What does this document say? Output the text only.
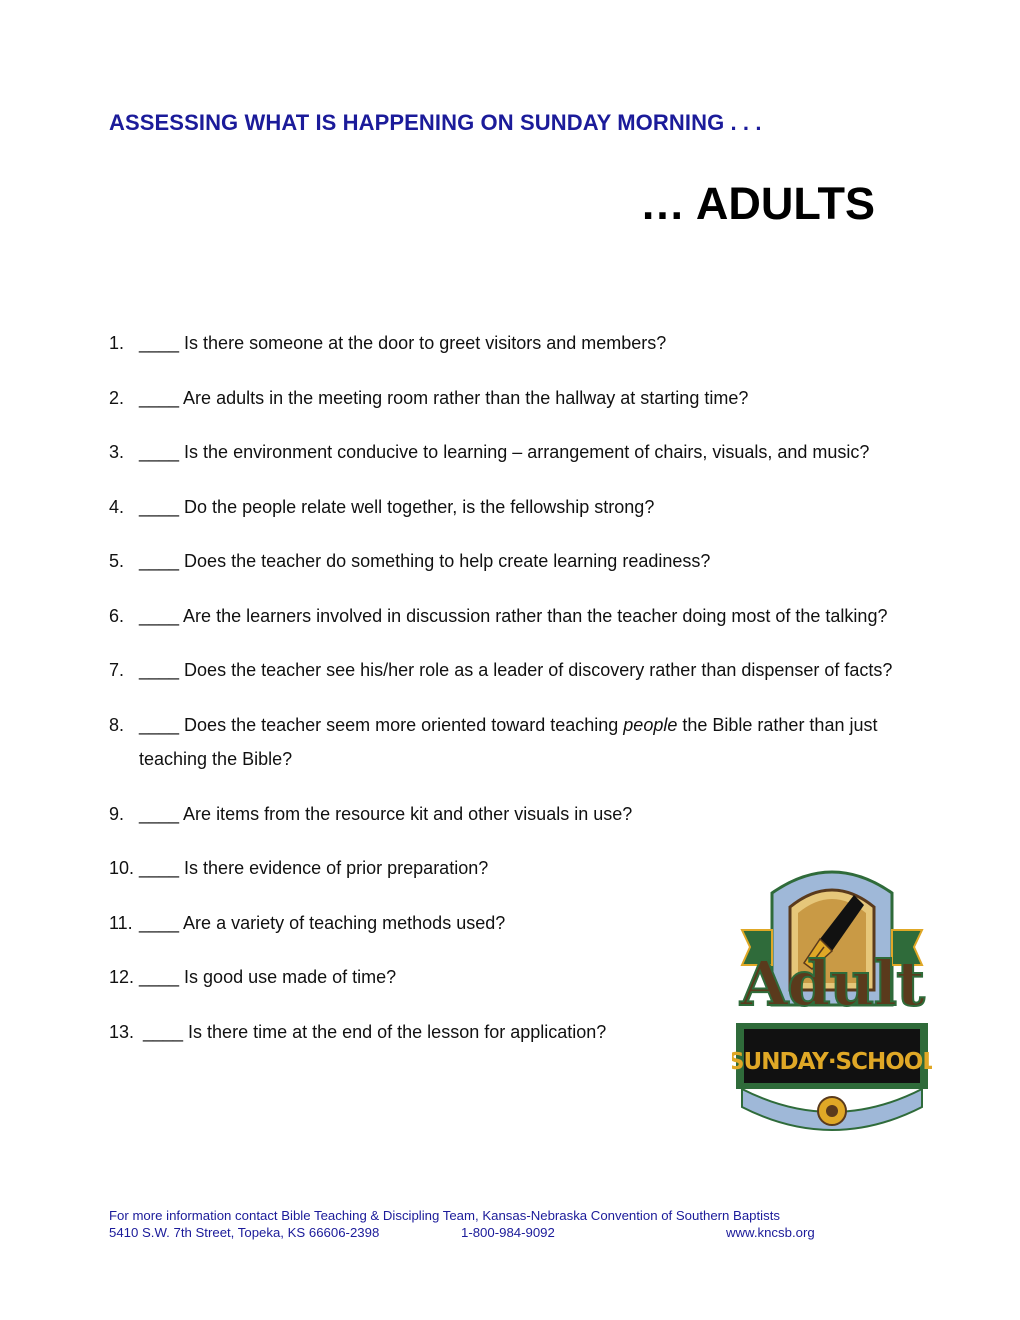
ASSESSING WHAT IS HAPPENING ON SUNDAY MORNING . . .
… ADULTS
1. ____ Is there someone at the door to greet visitors and members?
2. ____ Are adults in the meeting room rather than the hallway at starting time?
3. ____ Is the environment conducive to learning – arrangement of chairs, visuals, and music?
4. ____ Do the people relate well together, is the fellowship strong?
5. ____ Does the teacher do something to help create learning readiness?
6. ____ Are the learners involved in discussion rather than the teacher doing most of the talking?
7. ____ Does the teacher see his/her role as a leader of discovery rather than dispenser of facts?
8. ____ Does the teacher seem more oriented toward teaching people the Bible rather than just teaching the Bible?
9. ____ Are items from the resource kit and other visuals in use?
10. ____ Is there evidence of prior preparation?
11. ____ Are a variety of teaching methods used?
12. ____ Is good use made of time?
13. ____ Is there time at the end of the lesson for application?
Adult
SUNDAY·SCHOOL
For more information contact Bible Teaching & Discipling Team, Kansas-Nebraska Convention of Southern Baptists
5410 S.W. 7th Street, Topeka, KS 66606-2398	1-800-984-9092	www.kncsb.org
